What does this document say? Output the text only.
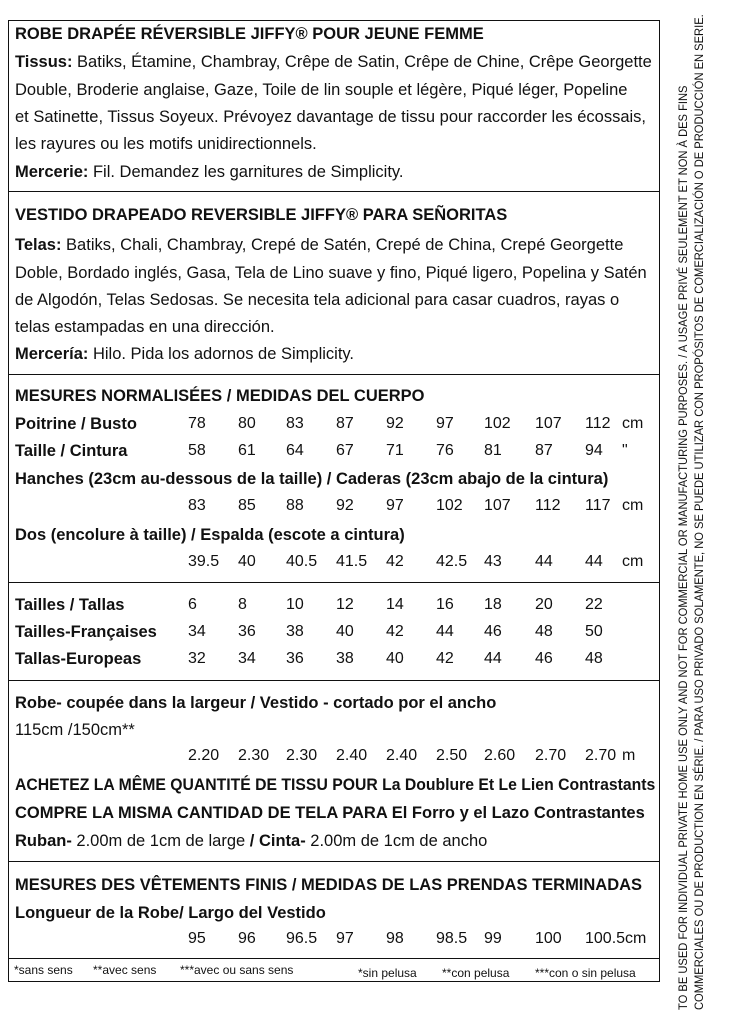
ROBE DRAPÉE RÉVERSIBLE JIFFY® POUR JEUNE FEMME
Tissus: Batiks, Étamine, Chambray, Crêpe de Satin, Crêpe de Chine, Crêpe Georgette
Double, Broderie anglaise, Gaze, Toile de lin souple et légère, Piqué léger, Popeline
et Satinette, Tissus Soyeux. Prévoyez davantage de tissu pour raccorder les écossais,
les rayures ou les motifs unidirectionnels.
Mercerie: Fil. Demandez les garnitures de Simplicity.
VESTIDO DRAPEADO REVERSIBLE JIFFY® PARA SEÑORITAS
Telas: Batiks, Chali, Chambray, Crepé de Satén, Crepé de China, Crepé Georgette
Doble, Bordado inglés, Gasa, Tela de Lino suave y fino, Piqué ligero, Popelina y Satén
de Algodón, Telas Sedosas. Se necesita tela adicional para casar cuadros, rayas o
telas estampadas en una dirección.
Mercería: Hilo. Pida los adornos de Simplicity.
MESURES NORMALISÉES / MEDIDAS DEL CUERPO
Poitrine / Busto	78 80 83 87 92 97 102 107 112 cm
Taille / Cintura	58 61 64 67 71 76 81 87 94 "
Hanches (23cm au-dessous de la taille) / Caderas (23cm abajo de la cintura)
83 85 88 92 97 102 107 112 117 cm
Dos (encolure à taille) / Espalda (escote a cintura)
39.5 40 40.5 41.5 42 42.5 43 44 44 cm
Tailles / Tallas	6	8 10 12 14 16 18 20 22
Tailles-Françaises 34 36 38 40 42 44 46 48 50
Tallas-Europeas	32 34 36 38 40 42 44 46 48
Robe- coupée dans la largeur / Vestido - cortado por el ancho
115cm /150cm**
2.20 2.30 2.30 2.40 2.40 2.50 2.60 2.70 2.70 m
ACHETEZ LA MÊME QUANTITÉ DE TISSU POUR La Doublure Et Le Lien Contrastants
COMPRE LA MISMA CANTIDAD DE TELA PARA El Forro y el Lazo Contrastantes
Ruban- 2.00m de 1cm de large / Cinta- 2.00m de 1cm de ancho
MESURES DES VÊTEMENTS FINIS / MEDIDAS DE LAS PRENDAS TERMINADAS
Longueur de la Robe/ Largo del Vestido
95 96 96.5 97 98 98.5 99 100 100.5cm
*sans sens **avec sens ***avec ou sans sens	*sin pelusa **con pelusa ***con o sin pelusa	TO BE USED FOR INDIVIDUAL PRIVATE HOME USE ONLY AND NOT FOR COMMERCIAL OR MANUFACTURING PURPOSES. / A USAGE PRIVÉ SEULEMENT ET NON À DES FINS COMMERCIALES OU DE PRODUCTION EN SÉRIE. / PARA USO PRIVADO SOLAMENTE, NO SE PUEDE UTILIZAR CON PROPÓSITOS DE COMERCIALIZACIÓN O DE PRODUCCIÓN EN SERIE.
